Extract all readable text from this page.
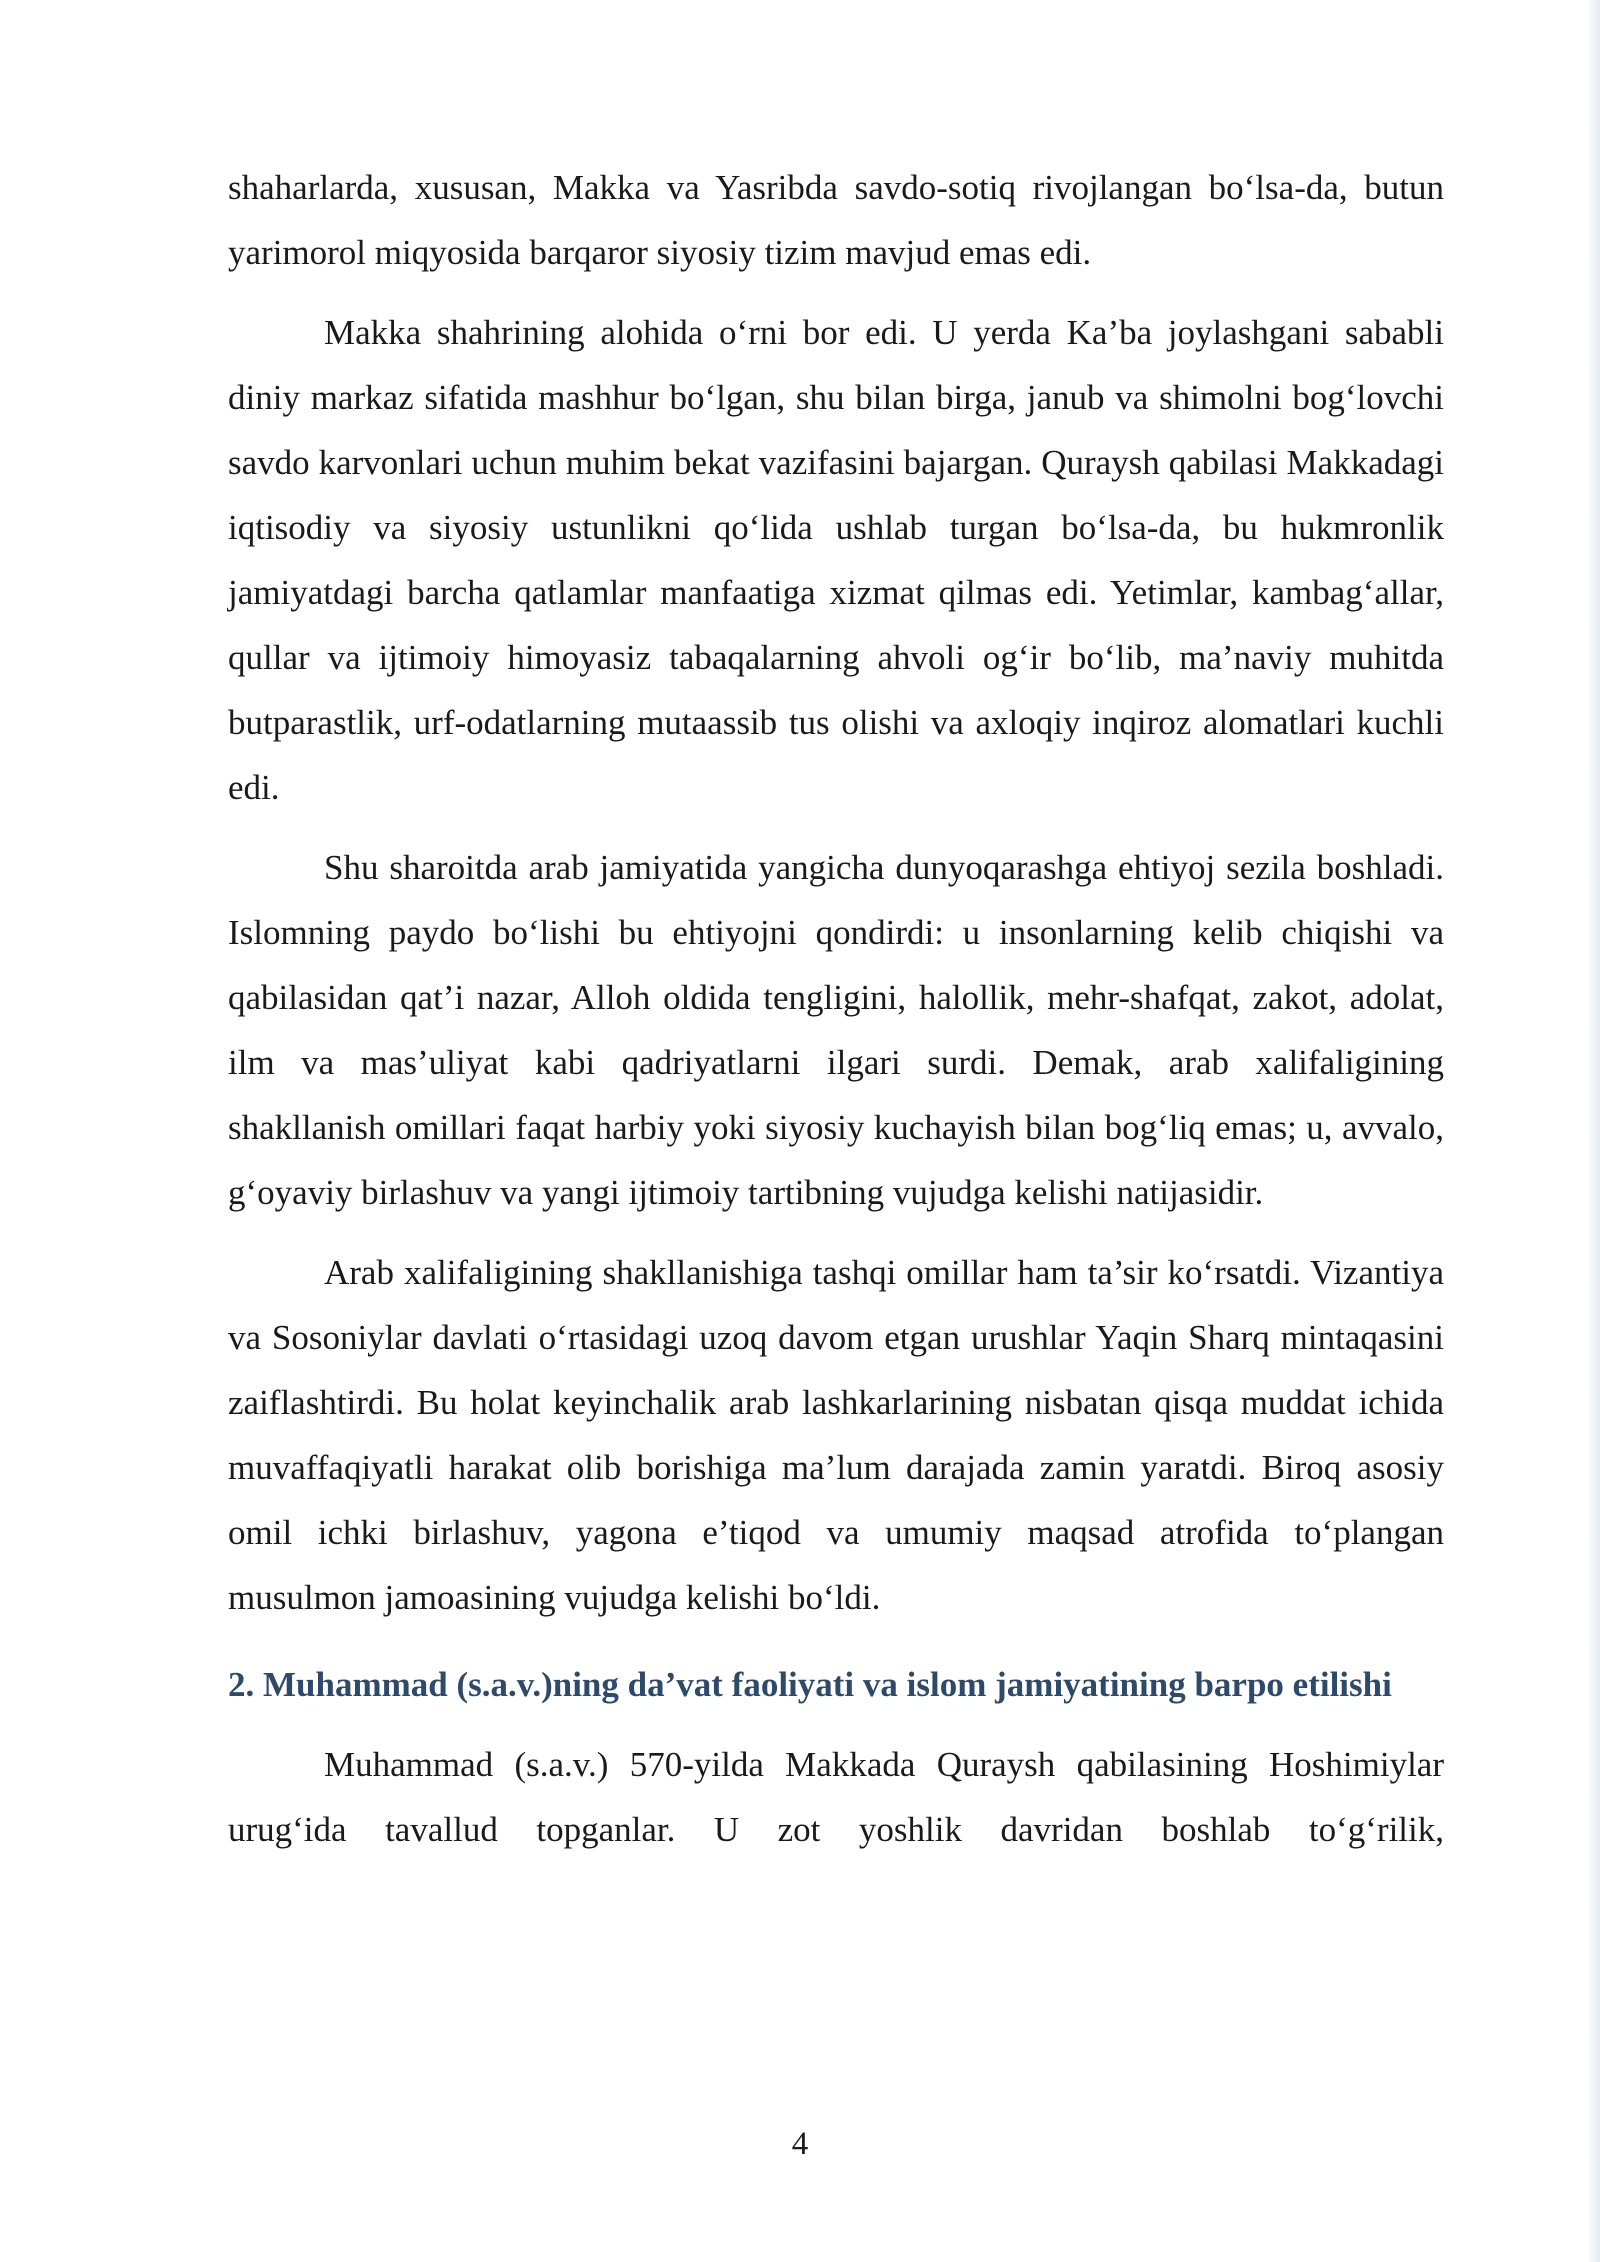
shaharlarda, xususan, Makka va Yasribda savdo-sotiq rivojlangan bo‘lsa-da, butun yarimorol miqyosida barqaror siyosiy tizim mavjud emas edi.

Makka shahrining alohida o‘rni bor edi. U yerda Ka’ba joylashgani sababli diniy markaz sifatida mashhur bo‘lgan, shu bilan birga, janub va shimolni bog‘lovchi savdo karvonlari uchun muhim bekat vazifasini bajargan. Quraysh qabilasi Makkadagi iqtisodiy va siyosiy ustunlikni qo‘lida ushlab turgan bo‘lsa-da, bu hukmronlik jamiyatdagi barcha qatlamlar manfaatiga xizmat qilmas edi. Yetimlar, kambag‘allar, qullar va ijtimoiy himoyasiz tabaqalarning ahvoli og‘ir bo‘lib, ma’naviy muhitda butparastlik, urf-odatlarning mutaassib tus olishi va axloqiy inqiroz alomatlari kuchli edi.

Shu sharoitda arab jamiyatida yangicha dunyoqarashga ehtiyoj sezila boshladi. Islomning paydo bo‘lishi bu ehtiyojni qondirdi: u insonlarning kelib chiqishi va qabilasidan qat’i nazar, Alloh oldida tengligini, halollik, mehr-shafqat, zakot, adolat, ilm va mas’uliyat kabi qadriyatlarni ilgari surdi. Demak, arab xalifaligining shakllanish omillari faqat harbiy yoki siyosiy kuchayish bilan bog‘liq emas; u, avvalo, g‘oyaviy birlashuv va yangi ijtimoiy tartibning vujudga kelishi natijasidir.

Arab xalifaligining shakllanishiga tashqi omillar ham ta’sir ko‘rsatdi. Vizantiya va Sosoniylar davlati o‘rtasidagi uzoq davom etgan urushlar Yaqin Sharq mintaqasini zaiflashtirdi. Bu holat keyinchalik arab lashkarlarining nisbatan qisqa muddat ichida muvaffaqiyatli harakat olib borishiga ma’lum darajada zamin yaratdi. Biroq asosiy omil ichki birlashuv, yagona e’tiqod va umumiy maqsad atrofida to‘plangan musulmon jamoasining vujudga kelishi bo‘ldi.

2. Muhammad (s.a.v.)ning da’vat faoliyati va islom jamiyatining barpo etilishi

Muhammad (s.a.v.) 570-yilda Makkada Quraysh qabilasining Hoshimiylar urug‘ida tavallud topganlar. U zot yoshlik davridan boshlab to‘g‘rilik,

4
